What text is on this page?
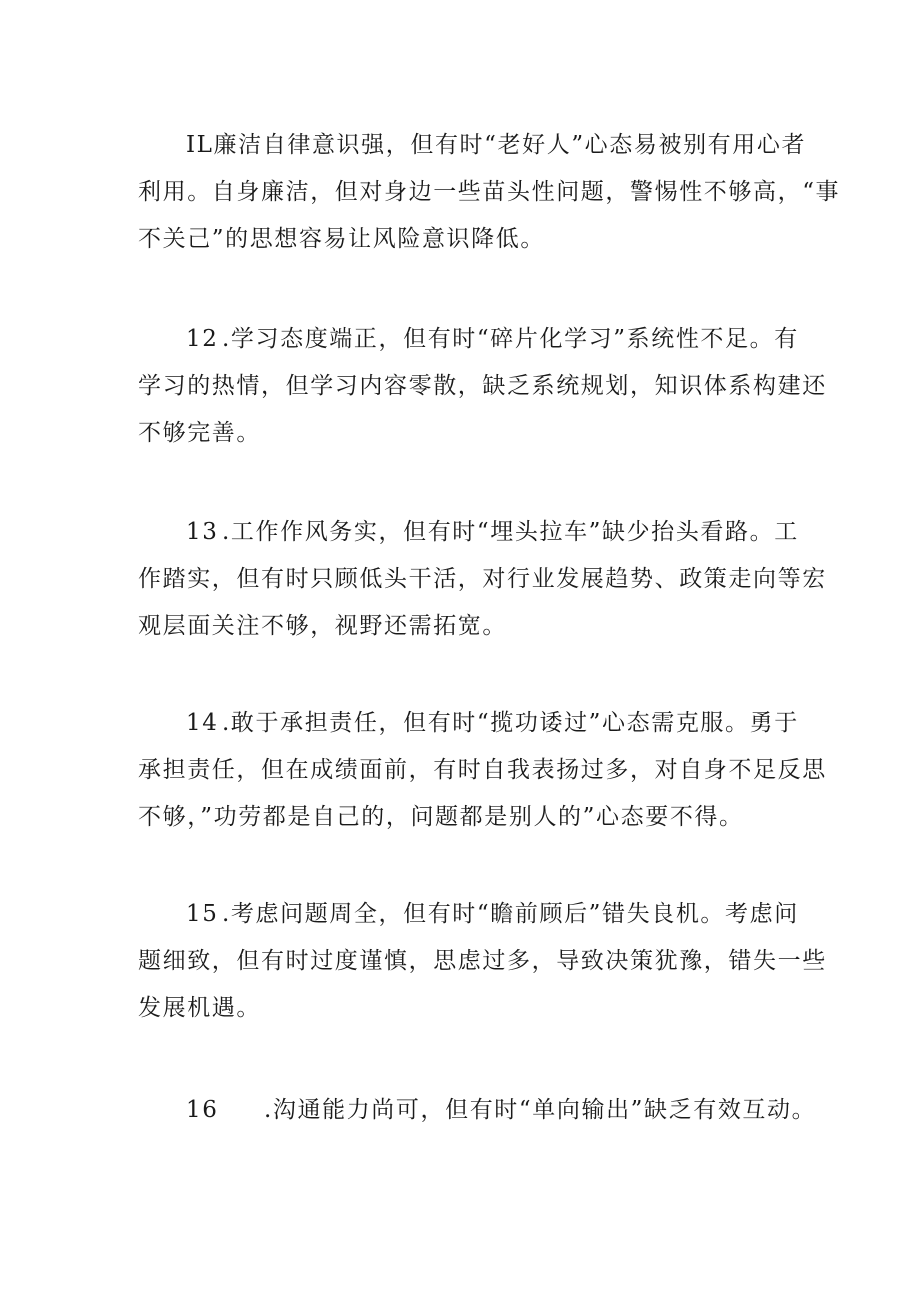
IL廉洁自律意识强，但有时“老好人”心态易被别有用心者
利用。自身廉洁，但对身边一些苗头性问题，警惕性不够高，“事
不关己”的思想容易让风险意识降低。
12 .学习态度端正，但有时“碎片化学习”系统性不足。有
学习的热情，但学习内容零散，缺乏系统规划，知识体系构建还
不够完善。
13 .工作作风务实，但有时“埋头拉车”缺少抬头看路。工
作踏实，但有时只顾低头干活，对行业发展趋势、政策走向等宏
观层面关注不够，视野还需拓宽。
14 .敢于承担责任，但有时“揽功诿过”心态需克服。勇于
承担责任，但在成绩面前，有时自我表扬过多，对自身不足反思
不够，”功劳都是自己的，问题都是别人的”心态要不得。
15 .考虑问题周全，但有时“瞻前顾后”错失良机。考虑问
题细致，但有时过度谨慎，思虑过多，导致决策犹豫，错失一些
发展机遇。
16 .沟通能力尚可，但有时“单向输出”缺乏有效互动。
